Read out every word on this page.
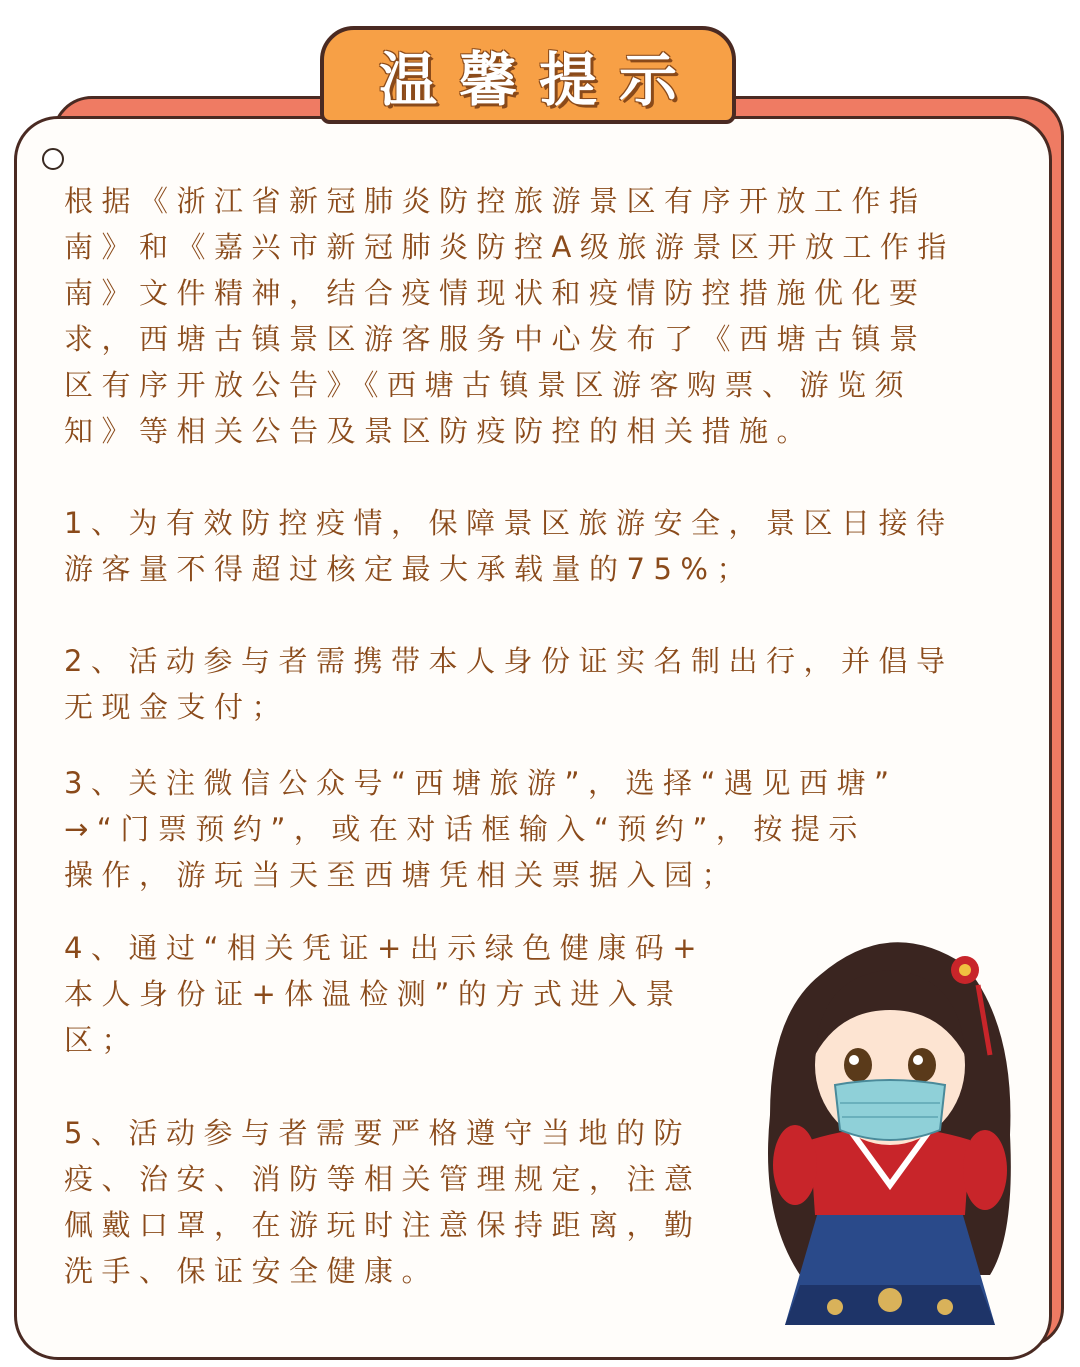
温馨提示
根据《浙江省新冠肺炎防控旅游景区有序开放工作指
南》和《嘉兴市新冠肺炎防控A级旅游景区开放工作指
南》文件精神，结合疫情现状和疫情防控措施优化要
求，西塘古镇景区游客服务中心发布了《西塘古镇景
区有序开放公告》《西塘古镇景区游客购票、游览须
知》等相关公告及景区防疫防控的相关措施。
1、为有效防控疫情，保障景区旅游安全，景区日接待
游客量不得超过核定最大承载量的75%；
2、活动参与者需携带本人身份证实名制出行，并倡导
无现金支付；
3、关注微信公众号“西塘旅游”，选择“遇见西塘”
→“门票预约”，或在对话框输入“预约”，按提示
操作，游玩当天至西塘凭相关票据入园；
4、通过“相关凭证+出示绿色健康码+
本人身份证+体温检测”的方式进入景
区；
5、活动参与者需要严格遵守当地的防
疫、治安、消防等相关管理规定，注意
佩戴口罩，在游玩时注意保持距离，勤
洗手、保证安全健康。
